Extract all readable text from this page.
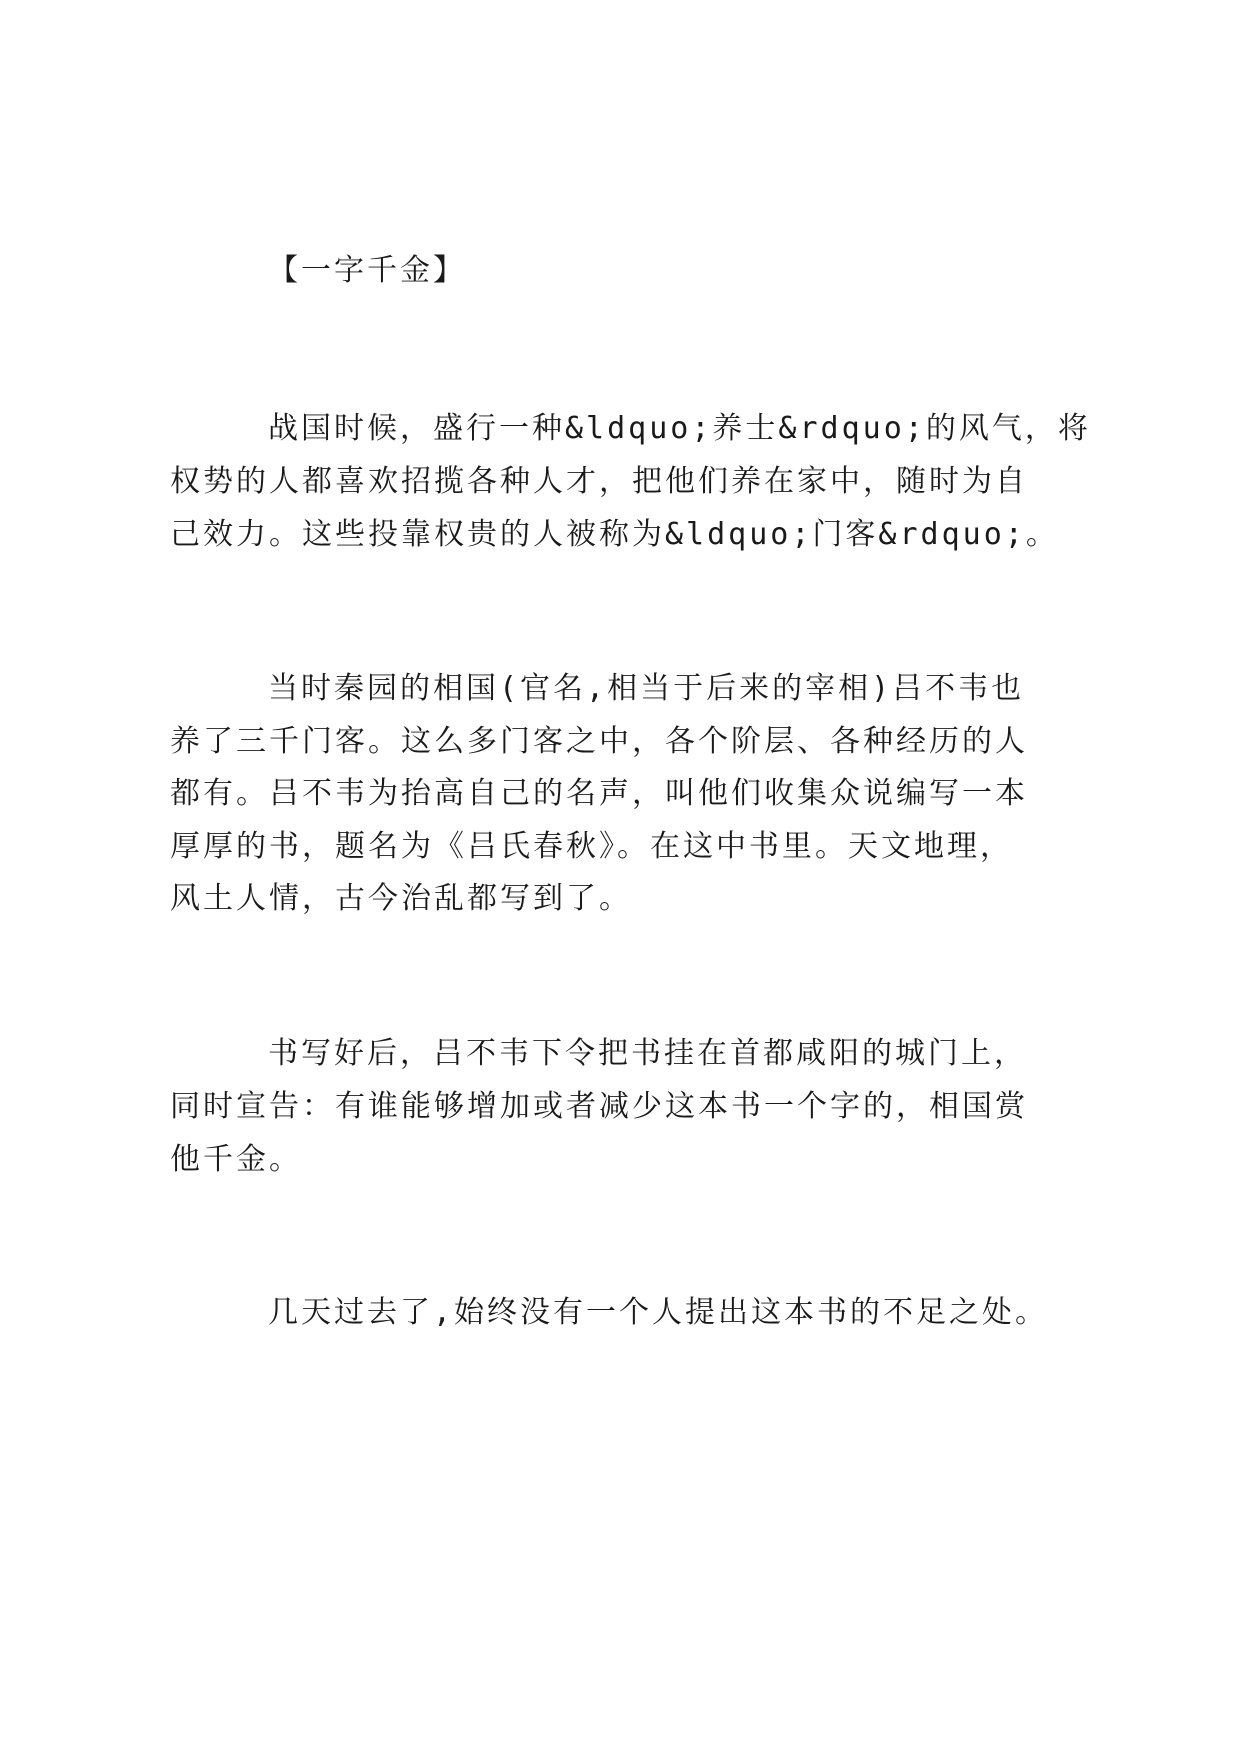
【一字千金】
战国时候，盛行一种&ldquo;养士&rdquo;的风气，将
权势的人都喜欢招揽各种人才，把他们养在家中，随时为自
己效力。这些投靠权贵的人被称为&ldquo;门客&rdquo;。
当时秦园的相国(官名,相当于后来的宰相)吕不韦也
养了三千门客。这么多门客之中，各个阶层、各种经历的人
都有。吕不韦为抬高自己的名声，叫他们收集众说编写一本
厚厚的书，题名为《吕氏春秋》。在这中书里。天文地理，
风土人情，古今治乱都写到了。
书写好后，吕不韦下令把书挂在首都咸阳的城门上，
同时宣告：有谁能够增加或者减少这本书一个字的，相国赏
他千金。
几天过去了,始终没有一个人提出这本书的不足之处。
